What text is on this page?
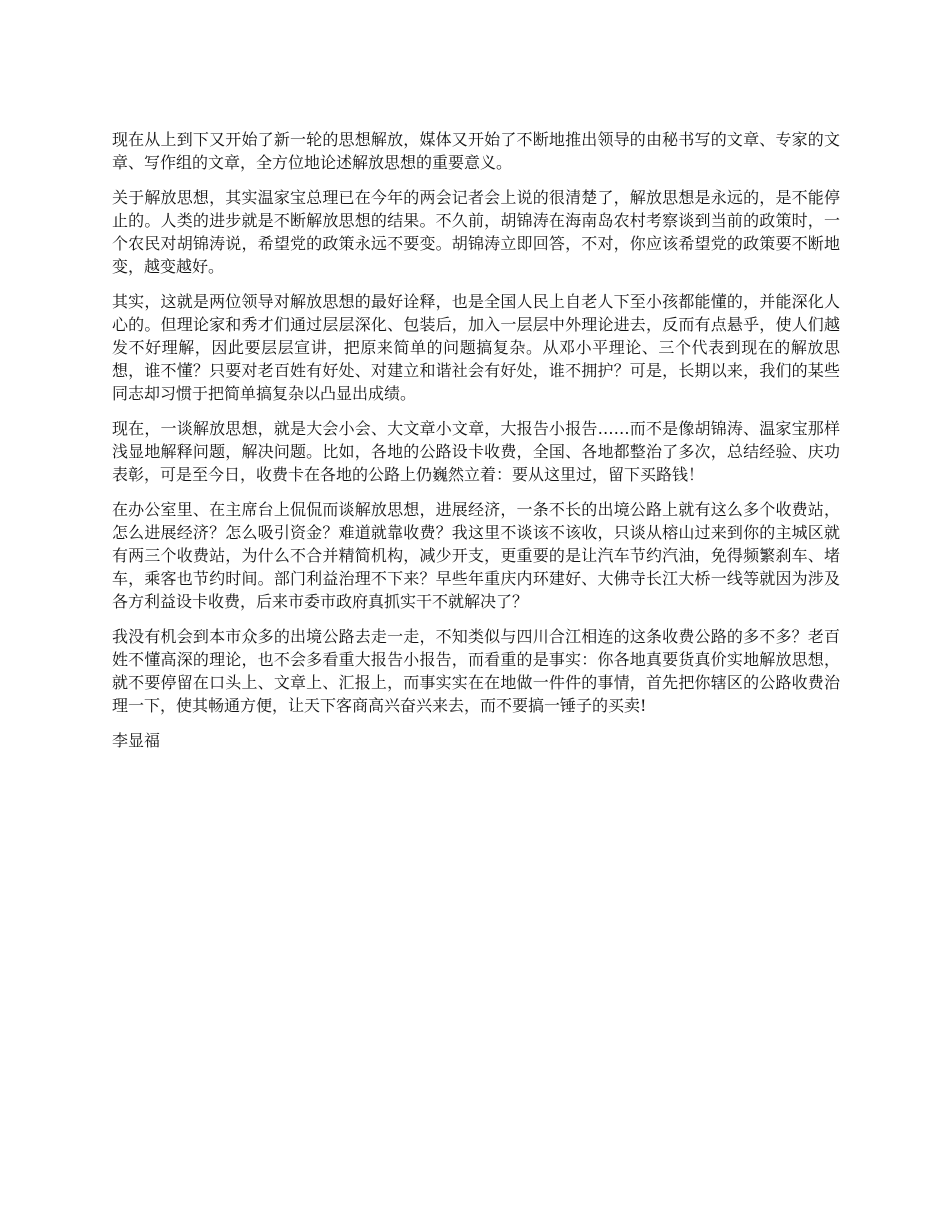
现在从上到下又开始了新一轮的思想解放，媒体又开始了不断地推出领导的由秘书写的文章、专家的文章、写作组的文章，全方位地论述解放思想的重要意义。

关于解放思想，其实温家宝总理已在今年的两会记者会上说的很清楚了，解放思想是永远的，是不能停止的。人类的进步就是不断解放思想的结果。不久前，胡锦涛在海南岛农村考察谈到当前的政策时，一个农民对胡锦涛说，希望党的政策永远不要变。胡锦涛立即回答，不对，你应该希望党的政策要不断地变，越变越好。

其实，这就是两位领导对解放思想的最好诠释，也是全国人民上自老人下至小孩都能懂的，并能深化人心的。但理论家和秀才们通过层层深化、包装后，加入一层层中外理论进去，反而有点悬乎，使人们越发不好理解，因此要层层宣讲，把原来简单的问题搞复杂。从邓小平理论、三个代表到现在的解放思想，谁不懂？只要对老百姓有好处、对建立和谐社会有好处，谁不拥护？可是，长期以来，我们的某些同志却习惯于把简单搞复杂以凸显出成绩。

现在，一谈解放思想，就是大会小会、大文章小文章，大报告小报告……而不是像胡锦涛、温家宝那样浅显地解释问题，解决问题。比如，各地的公路设卡收费，全国、各地都整治了多次，总结经验、庆功表彰，可是至今日，收费卡在各地的公路上仍巍然立着：要从这里过，留下买路钱！

在办公室里、在主席台上侃侃而谈解放思想，进展经济，一条不长的出境公路上就有这么多个收费站，怎么进展经济？怎么吸引资金？难道就靠收费？我这里不谈该不该收，只谈从榕山过来到你的主城区就有两三个收费站，为什么不合并精简机构，减少开支，更重要的是让汽车节约汽油，免得频繁刹车、堵车，乘客也节约时间。部门利益治理不下来？早些年重庆内环建好、大佛寺长江大桥一线等就因为涉及各方利益设卡收费，后来市委市政府真抓实干不就解决了？

我没有机会到本市众多的出境公路去走一走，不知类似与四川合江相连的这条收费公路的多不多？老百姓不懂高深的理论，也不会多看重大报告小报告，而看重的是事实：你各地真要货真价实地解放思想，就不要停留在口头上、文章上、汇报上，而事实实在在地做一件件的事情，首先把你辖区的公路收费治理一下，使其畅通方便，让天下客商高兴奋兴来去，而不要搞一锤子的买卖!

李显福
